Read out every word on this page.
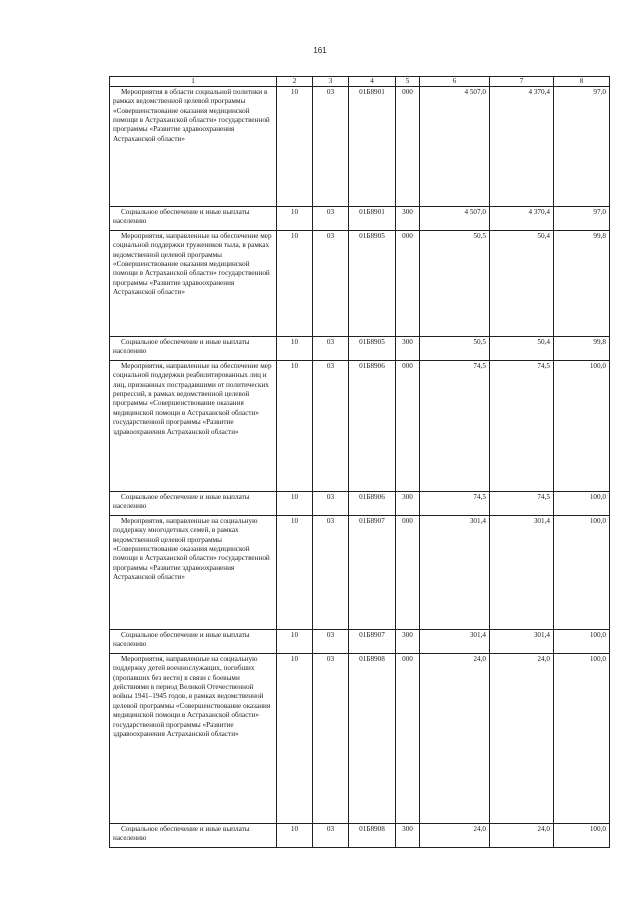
161
1	2	3	4	5	6	7	8
Мероприятия в области социальной политики в рамках ведомственной целевой программы «Совершенствование оказания медицинской помощи в Астраханской области» государственной программы «Развитие здравоохранения Астраханской области»	10	03	01Б8901	000	4 507,0	4 370,4	97,0
Социальное обеспечение и иные выплаты населению	10	03	01Б8901	300	4 507,0	4 370,4	97,0
Мероприятия, направленные на обеспечение мер социальной поддержки тружеников тыла, в рамках ведомственной целевой программы «Совершенствование оказания медицинской помощи в Астраханской области» государственной программы «Развитие здравоохранения Астраханской области»	10	03	01Б8905	000	50,5	50,4	99,8
Социальное обеспечение и иные выплаты населению	10	03	01Б8905	300	50,5	50,4	99,8
Мероприятия, направленные на обеспечение мер социальной поддержки реабилитированных лиц и лиц, признанных пострадавшими от политических репрессий, в рамках ведомственной целевой программы «Совершенствование оказания медицинской помощи в Астраханской области» государственной программы «Развитие здравоохранения Астраханской области»	10	03	01Б8906	000	74,5	74,5	100,0
Социальное обеспечение и иные выплаты населению	10	03	01Б8906	300	74,5	74,5	100,0
Мероприятия, направленные на социальную поддержку многодетных семей, в рамках ведомственной целевой программы «Совершенствование оказания медицинской помощи в Астраханской области» государственной программы «Развитие здравоохранения Астраханской области»	10	03	01Б8907	000	301,4	301,4	100,0
Социальное обеспечение и иные выплаты населению	10	03	01Б8907	300	301,4	301,4	100,0
Мероприятия, направленные на социальную поддержку детей военнослужащих, погибших (пропавших без вести) в связи с боевыми действиями в период Великой Отечественной войны 1941–1945 годов, в рамках ведомственной целевой программы «Совершенствование оказания медицинской помощи в Астраханской области» государственной программы «Развитие здравоохранения Астраханской области»	10	03	01Б8908	000	24,0	24,0	100,0
Социальное обеспечение и иные выплаты населению	10	03	01Б8908	300	24,0	24,0	100,0
